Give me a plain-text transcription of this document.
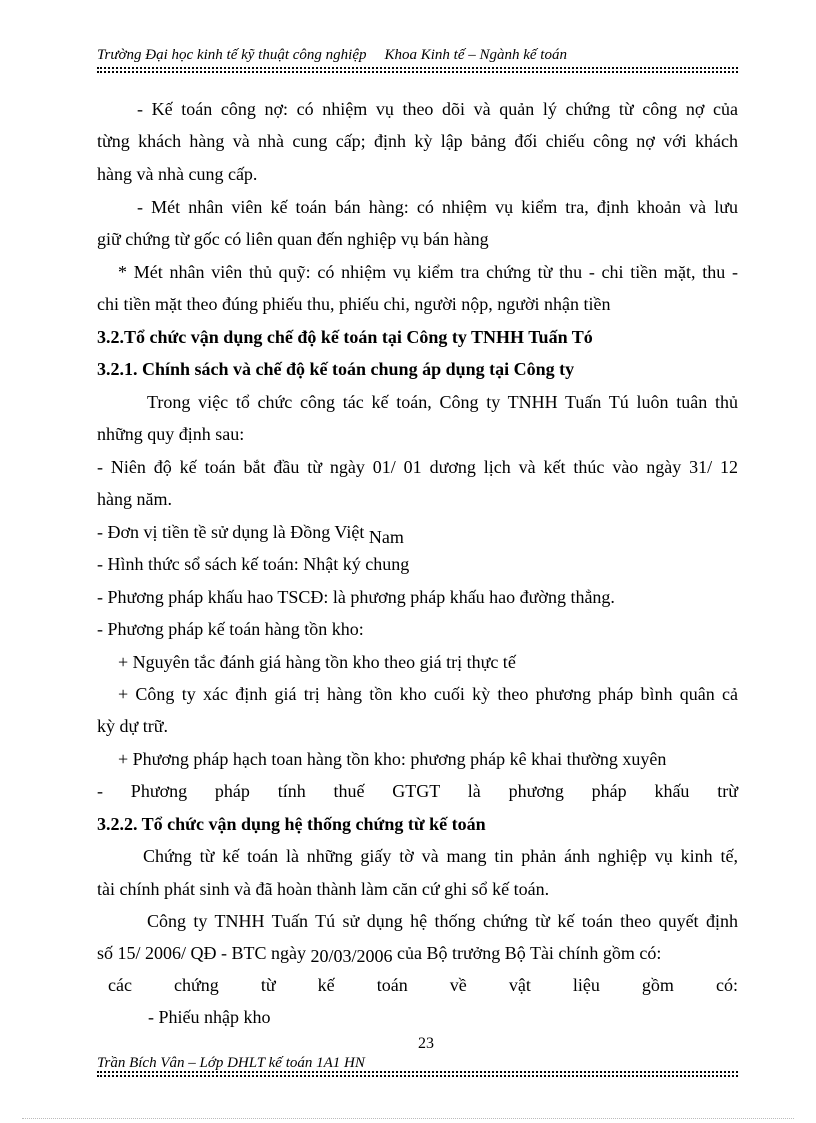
Trường Đại học kinh tế kỹ thuật công nghiệp Khoa Kinh tế – Ngành kế toán
- Kế toán công nợ: có nhiệm vụ theo dõi và quản lý chứng từ công nợ của
từng khách hàng và nhà cung cấp; định kỳ lập bảng đối chiếu công nợ với khách
hàng và nhà cung cấp.
- Mét nhân viên kế toán bán hàng: có nhiệm vụ kiểm tra, định khoản và lưu
giữ chứng từ gốc có liên quan đến nghiệp vụ bán hàng
* Mét nhân viên thủ quỹ: có nhiệm vụ kiểm tra chứng từ thu - chi tiền mặt, thu -
chi tiền mặt theo đúng phiếu thu, phiếu chi, người nộp, người nhận tiền
3.2.Tổ chức vận dụng chế độ kế toán tại Công ty TNHH Tuấn Tó
3.2.1. Chính sách và chế độ kế toán chung áp dụng tại Công ty
Trong việc tổ chức công tác kế toán, Công ty TNHH Tuấn Tú luôn tuân thủ
những quy định sau:
- Niên độ kế toán bắt đầu từ ngày 01/ 01 dương lịch và kết thúc vào ngày 31/ 12
hàng năm.
- Đơn vị tiền tề sử dụng là Đồng Việt Nam
- Hình thức sổ sách kế toán: Nhật ký chung
- Phương pháp khấu hao TSCĐ: là phương pháp khấu hao đường thẳng.
- Phương pháp kế toán hàng tồn kho:
+ Nguyên tắc đánh giá hàng tồn kho theo giá trị thực tế
+ Công ty xác định giá trị hàng tồn kho cuối kỳ theo phương pháp bình quân cả
kỳ dự trữ.
+ Phương pháp hạch toan hàng tồn kho: phương pháp kê khai thường xuyên
- Phương pháp tính thuế GTGT là phương pháp khấu trừ
3.2.2. Tổ chức vận dụng hệ thống chứng từ kế toán
Chứng từ kế toán là những giấy tờ và mang tin phản ánh nghiệp vụ kinh tế,
tài chính phát sinh và đã hoàn thành làm căn cứ ghi sổ kế toán.
Công ty TNHH Tuấn Tú sử dụng hệ thống chứng từ kế toán theo quyết định
số 15/ 2006/ QĐ - BTC ngày 20/03/2006 của Bộ trưởng Bộ Tài chính gồm có:
các chứng từ kế toán về vật liệu gồm có:
- Phiếu nhập kho
23
Trần Bích Vân – Lớp DHLT kế toán 1A1 HN
